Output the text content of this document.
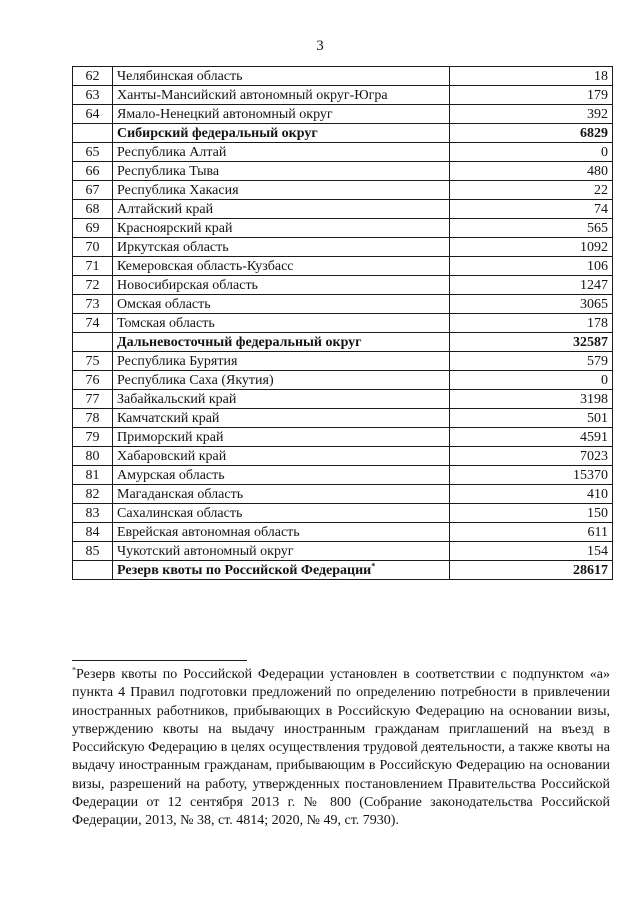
3
62	Челябинская область	18
63	Ханты-Мансийский автономный округ-Югра	179
64	Ямало-Ненецкий автономный округ	392
	Сибирский федеральный округ	6829
65	Республика Алтай	0
66	Республика Тыва	480
67	Республика Хакасия	22
68	Алтайский край	74
69	Красноярский край	565
70	Иркутская область	1092
71	Кемеровская область-Кузбасс	106
72	Новосибирская область	1247
73	Омская область	3065
74	Томская область	178
	Дальневосточный федеральный округ	32587
75	Республика Бурятия	579
76	Республика Саха (Якутия)	0
77	Забайкальский край	3198
78	Камчатский край	501
79	Приморский край	4591
80	Хабаровский край	7023
81	Амурская область	15370
82	Магаданская область	410
83	Сахалинская область	150
84	Еврейская автономная область	611
85	Чукотский автономный округ	154
	Резерв квоты по Российской Федерации*	28617
*Резерв квоты по Российской Федерации установлен в соответствии с подпунктом «а» пункта 4 Правил подготовки предложений по определению потребности в привлечении иностранных работников, прибывающих в Российскую Федерацию на основании визы, утверждению квоты на выдачу иностранным гражданам приглашений на въезд в Российскую Федерацию в целях осуществления трудовой деятельности, а также квоты на выдачу иностранным гражданам, прибывающим в Российскую Федерацию на основании визы, разрешений на работу, утвержденных постановлением Правительства Российской Федерации от 12 сентября 2013 г. № 800 (Собрание законодательства Российской Федерации, 2013, № 38, ст. 4814; 2020, № 49, ст. 7930).
